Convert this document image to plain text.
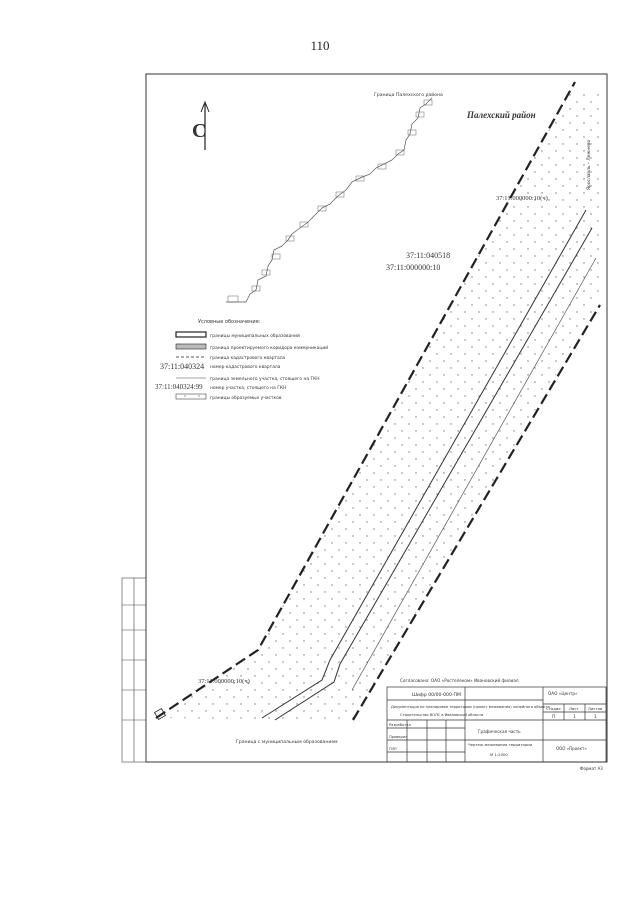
110
С
Палехский район
Граница Палехского района
37:11:040518
37:11:000000:10
37:11:000000:10(ч)
37:11:000000:10(ч)
Ярославль – Лежнево
Граница с муниципальным образованием
Условные обозначения:
границы муниципальных образований
граница проектируемого коридора коммуникаций
граница кадастрового квартала
37:11:040324 номер кадастрового квартала
граница земельного участка, стоящего на ГКН
37:11:040324:99 номер участка, стоящего на ГКН
границы образуемых участков
Согласовано: ОАО «Ростелеком» Ивановский филиал
Шифр 00/00-000-ПМ	ОАО «Центр»
Документация по планировке территории (проект межевания) линейного объекта
Строительство ВОЛС в Ивановской области
Стадия Лист Листов
П	1	1
Разработал
Проверил
ГИП
Графическая часть
Чертеж межевания территории
М 1:2000
ООО «Проект»
Формат А3
